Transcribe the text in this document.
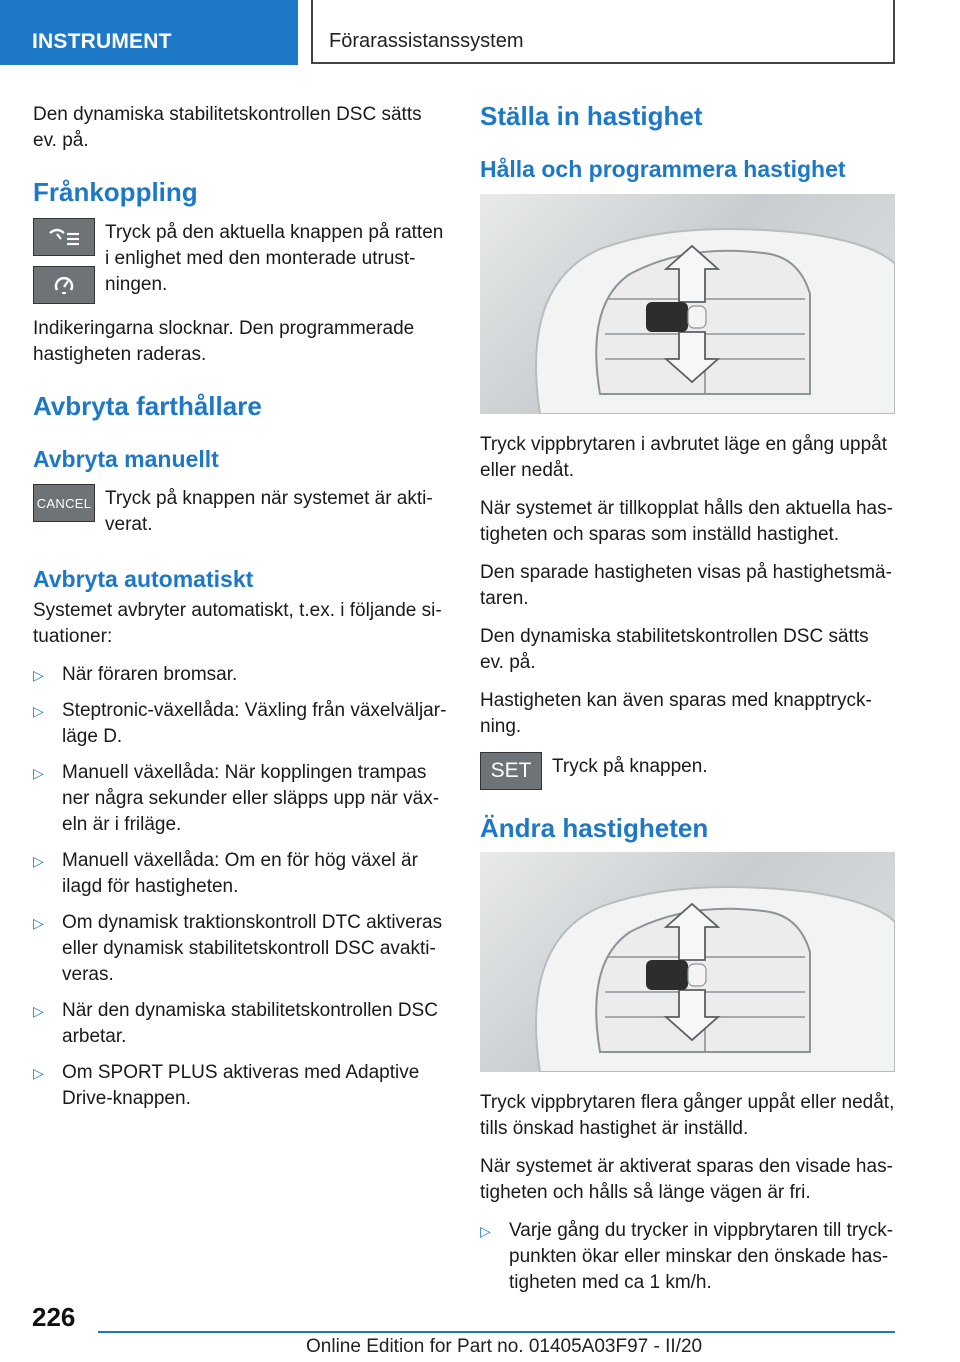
INSTRUMENT	Förarassistanssystem

Den dynamiska stabilitetskontrollen DSC sätts ev. på.

Frånkoppling
Tryck på den aktuella knappen på ratten i enlighet med den monterade utrust-ningen.

Indikeringarna slocknar. Den programmerade hastigheten raderas.

Avbryta farthållare
Avbryta manuellt
CANCEL Tryck på knappen när systemet är akti-verat.
Avbryta automatiskt

Systemet avbryter automatiskt, t.ex. i följande si-tuationer:

▷ När föraren bromsar.
▷ Steptronic-växellåda: Växling från växelväljar-läge D.
▷ Manuell växellåda: När kopplingen trampas ner några sekunder eller släpps upp när väx-eln är i friläge.
▷ Manuell växellåda: Om en för hög växel är ilagd för hastigheten.
▷ Om dynamisk traktionskontroll DTC aktiveras eller dynamisk stabilitetskontroll DSC avakti-veras.
▷ När den dynamiska stabilitetskontrollen DSC arbetar.
▷ Om SPORT PLUS aktiveras med Adaptive Drive-knappen.
Ställa in hastighet
Hålla och programmera hastighet

Tryck vippbrytaren i avbrutet läge en gång uppåt eller nedåt.

När systemet är tillkopplat hålls den aktuella has-tigheten och sparas som inställd hastighet.

Den sparade hastigheten visas på hastighetsmä-taren.

Den dynamiska stabilitetskontrollen DSC sätts ev. på.

Hastigheten kan även sparas med knapptryck-ning.

SET	Tryck på knappen.
Ändra hastigheten

Tryck vippbrytaren flera gånger uppåt eller nedåt, tills önskad hastighet är inställd.

När systemet är aktiverat sparas den visade has-tigheten och hålls så länge vägen är fri.

▷ Varje gång du trycker in vippbrytaren till tryck-punkten ökar eller minskar den önskade has-tigheten med ca 1 km/h.
226
Online Edition for Part no. 01405A03F97 - II/20
